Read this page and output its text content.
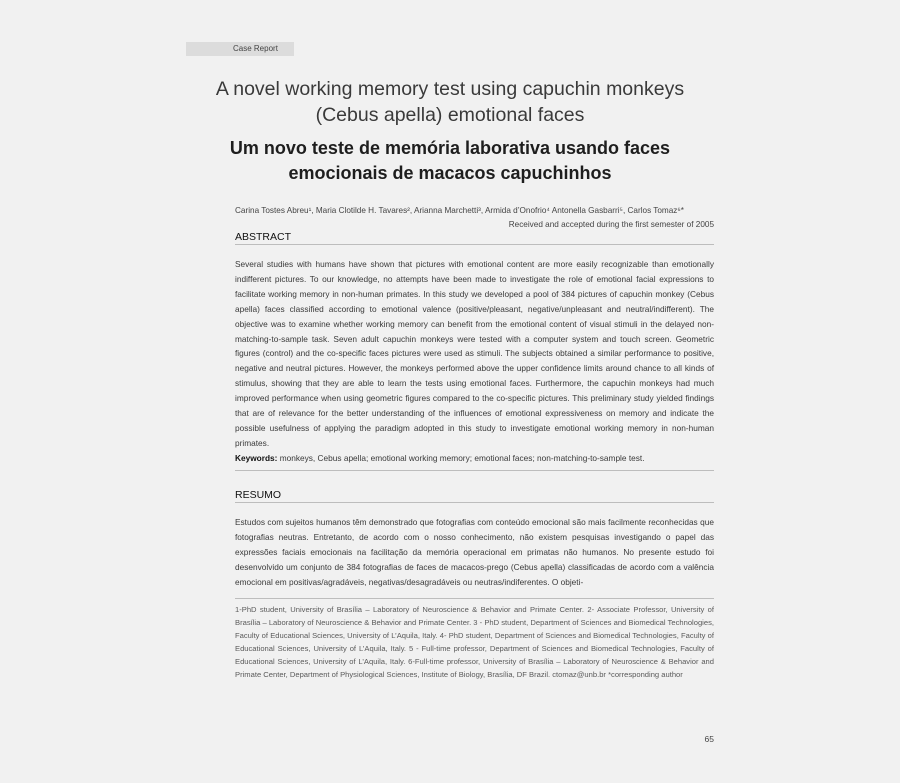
Case Report
A novel working memory test using capuchin monkeys (Cebus apella) emotional faces
Um novo teste de memória laborativa usando faces emocionais de macacos capuchinhos
Carina Tostes Abreu¹, Maria Clotilde H. Tavares², Arianna Marchetti³, Armida d’Onofrio⁴ Antonella Gasbarri⁵, Carlos Tomaz⁶*
Received and accepted during the first semester of 2005
ABSTRACT
Several studies with humans have shown that pictures with emotional content are more easily recognizable than emotionally indifferent pictures. To our knowledge, no attempts have been made to investigate the role of emotional facial expressions to facilitate working memory in non-human primates. In this study we developed a pool of 384 pictures of capuchin monkey (Cebus apella) faces classified according to emotional valence (positive/pleasant, negative/unpleasant and neutral/indifferent). The objective was to examine whether working memory can benefit from the emotional content of visual stimuli in the delayed non-matching-to-sample task. Seven adult capuchin monkeys were tested with a computer system and touch screen. Geometric figures (control) and the co-specific faces pictures were used as stimuli. The subjects obtained a similar performance to positive, negative and neutral pictures. However, the monkeys performed above the upper confidence limits around chance to all kinds of stimulus, showing that they are able to learn the tests using emotional faces. Furthermore, the capuchin monkeys had much improved performance when using geometric figures compared to the co-specific pictures. This preliminary study yielded findings that are of relevance for the better understanding of the influences of emotional expressiveness on memory and indicate the possible usefulness of applying the paradigm adopted in this study to investigate emotional working memory in non-human primates.
Keywords: monkeys, Cebus apella; emotional working memory; emotional faces; non-matching-to-sample test.
RESUMO
Estudos com sujeitos humanos têm demonstrado que fotografias com conteúdo emocional são mais facilmente reconhecidas que fotografias neutras. Entretanto, de acordo com o nosso conhecimento, não existem pesquisas investigando o papel das expressões faciais emocionais na facilitação da memória operacional em primatas não humanos. No presente estudo foi desenvolvido um conjunto de 384 fotografias de faces de macacos-prego (Cebus apella) classificadas de acordo com a valência emocional em positivas/agradáveis, negativas/desagradáveis ou neutras/indiferentes. O objeti-
1-PhD student, University of Brasília – Laboratory of Neuroscience & Behavior and Primate Center. 2- Associate Professor, University of Brasília – Laboratory of Neuroscience & Behavior and Primate Center. 3 - PhD student, Department of Sciences and Biomedical Technologies, Faculty of Educational Sciences, University of L’Aquila, Italy. 4- PhD student, Department of Sciences and Biomedical Technologies, Faculty of Educational Sciences, University of L’Aquila, Italy. 5 - Full-time professor, Department of Sciences and Biomedical Technologies, Faculty of Educational Sciences, University of L’Aquila, Italy. 6-Full-time professor, University of Brasília – Laboratory of Neuroscience & Behavior and Primate Center, Department of Physiological Sciences, Institute of Biology, Brasília, DF Brazil. ctomaz@unb.br *corresponding author
65
